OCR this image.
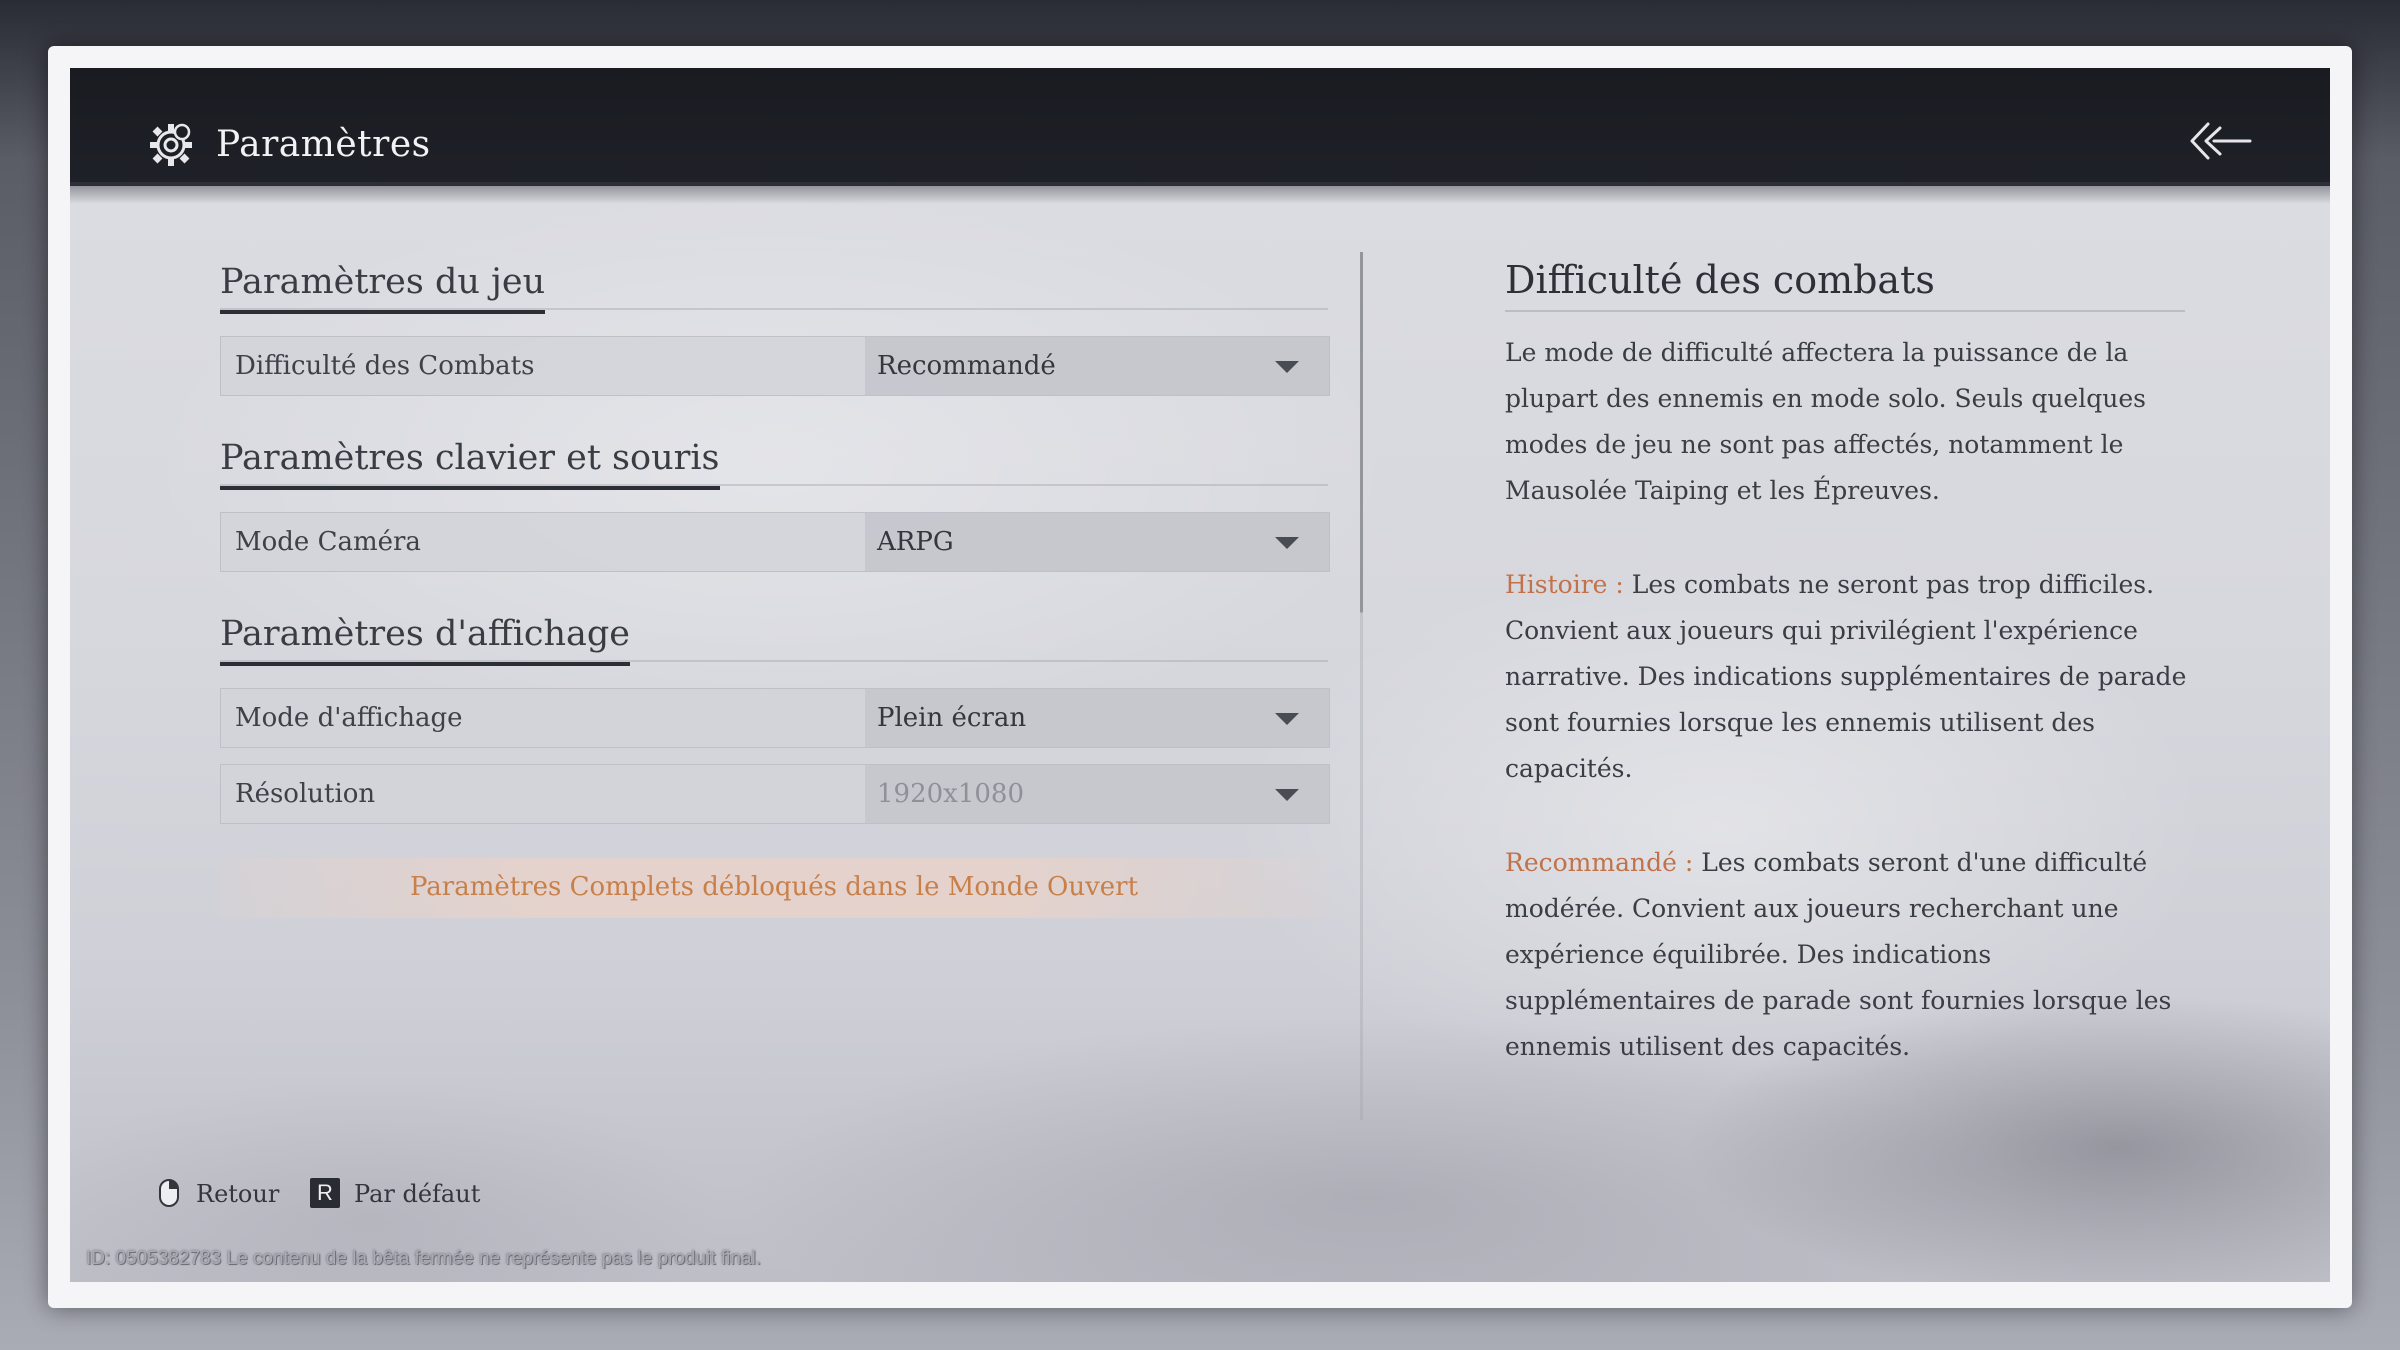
Paramètres
Paramètres du jeu
Difficulté des Combats	Recommandé
Paramètres clavier et souris
Mode Caméra	ARPG
Paramètres d'affichage
Mode d'affichage	Plein écran
Résolution	1920x1080
Paramètres Complets débloqués dans le Monde Ouvert
Difficulté des combats

Le mode de difficulté affectera la puissance de la plupart des ennemis en mode solo. Seuls quelques modes de jeu ne sont pas affectés, notamment le Mausolée Taiping et les Épreuves.

Histoire : Les combats ne seront pas trop difficiles. Convient aux joueurs qui privilégient l'expérience narrative. Des indications supplémentaires de parade sont fournies lorsque les ennemis utilisent des capacités.

Recommandé : Les combats seront d'une difficulté modérée. Convient aux joueurs recherchant une expérience équilibrée. Des indications supplémentaires de parade sont fournies lorsque les ennemis utilisent des capacités.

Retour	R Par défaut
ID: 0505382783 Le contenu de la bêta fermée ne représente pas le produit final.
